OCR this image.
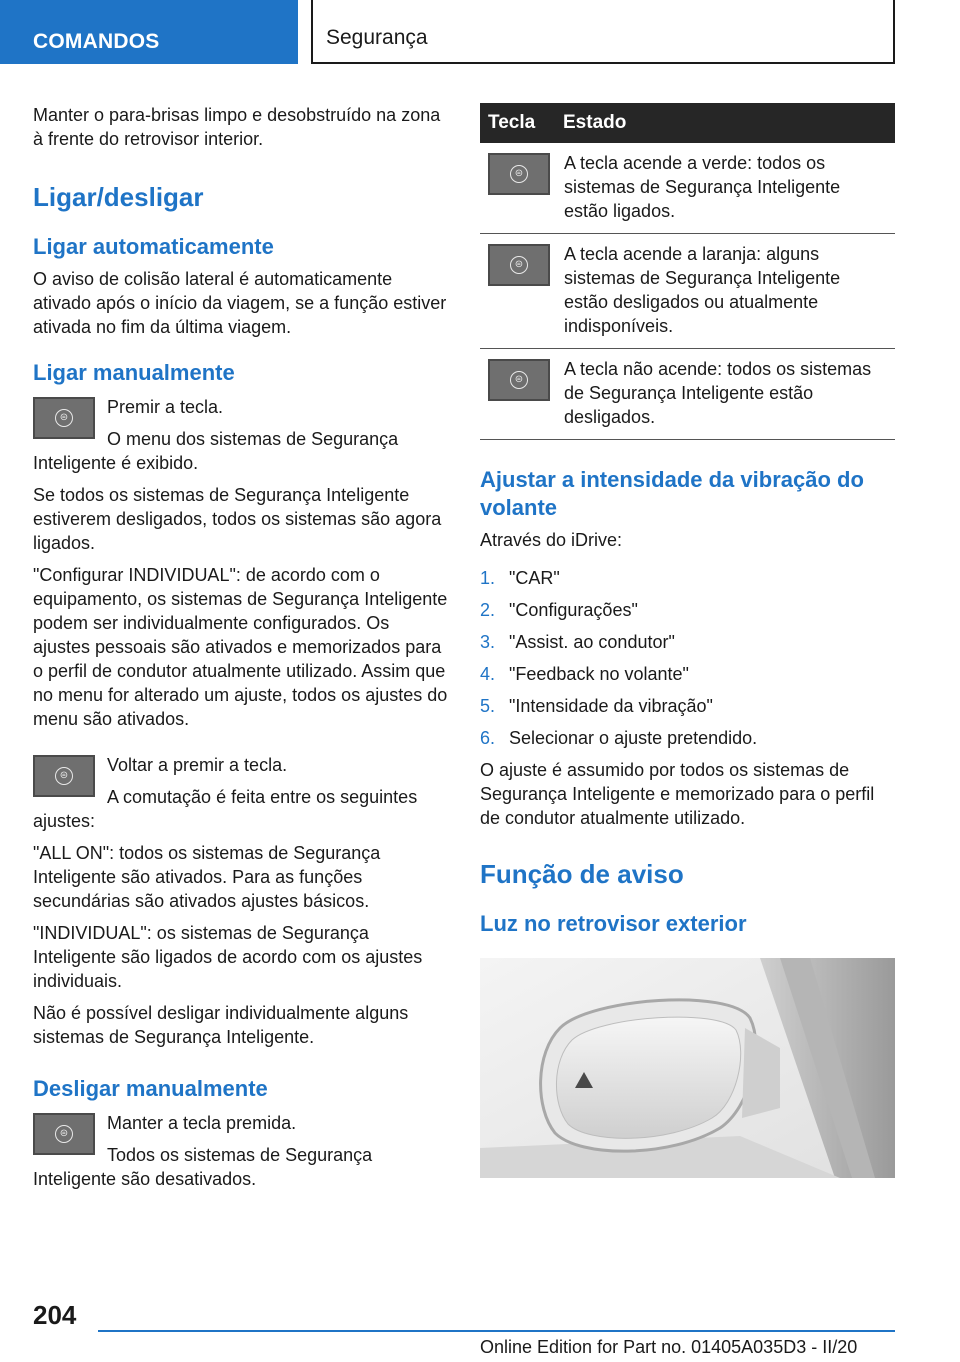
COMANDOS	Segurança

Manter o para-brisas limpo e desobstruído na zona à frente do retrovisor interior.

Ligar/desligar
Ligar automaticamente

O aviso de colisão lateral é automaticamente ativado após o início da viagem, se a função estiver ativada no fim da última viagem.

Ligar manualmente
⊜

Premir a tecla.

O menu dos sistemas de Segurança Inteligente é exibido.

Se todos os sistemas de Segurança Inteligente estiverem desligados, todos os sistemas são agora ligados.

"Configurar INDIVIDUAL": de acordo com o equipamento, os sistemas de Segurança Inteligente podem ser individualmente configurados. Os ajustes pessoais são ativados e memorizados para o perfil de condutor atualmente utilizado. Assim que no menu for alterado um ajuste, todos os ajustes do menu são ativados.

⊜

Voltar a premir a tecla.

A comutação é feita entre os seguintes ajustes:

"ALL ON": todos os sistemas de Segurança Inteligente são ativados. Para as funções secundárias são ativados ajustes básicos.

"INDIVIDUAL": os sistemas de Segurança Inteligente são ligados de acordo com os ajustes individuais.

Não é possível desligar individualmente alguns sistemas de Segurança Inteligente.

Desligar manualmente
⊜

Manter a tecla premida.

Todos os sistemas de Segurança Inteligente são desativados.

Tecla	Estado

⊜	A tecla acende a verde: todos os sistemas de Segurança Inteligente estão ligados.

⊜	A tecla acende a laranja: alguns sistemas de Segurança Inteligente estão desligados ou atualmente indisponíveis.

⊜	A tecla não acende: todos os sistemas de Segurança Inteligente estão desligados.
Ajustar a intensidade da vibração do volante

Através do iDrive:

1. "CAR"
2. "Configurações"
3. "Assist. ao condutor"
4. "Feedback no volante"
5. "Intensidade da vibração"
6. Selecionar o ajuste pretendido.

O ajuste é assumido por todos os sistemas de Segurança Inteligente e memorizado para o perfil de condutor atualmente utilizado.

Função de aviso
Luz no retrovisor exterior
204
Online Edition for Part no. 01405A035D3 - II/20
